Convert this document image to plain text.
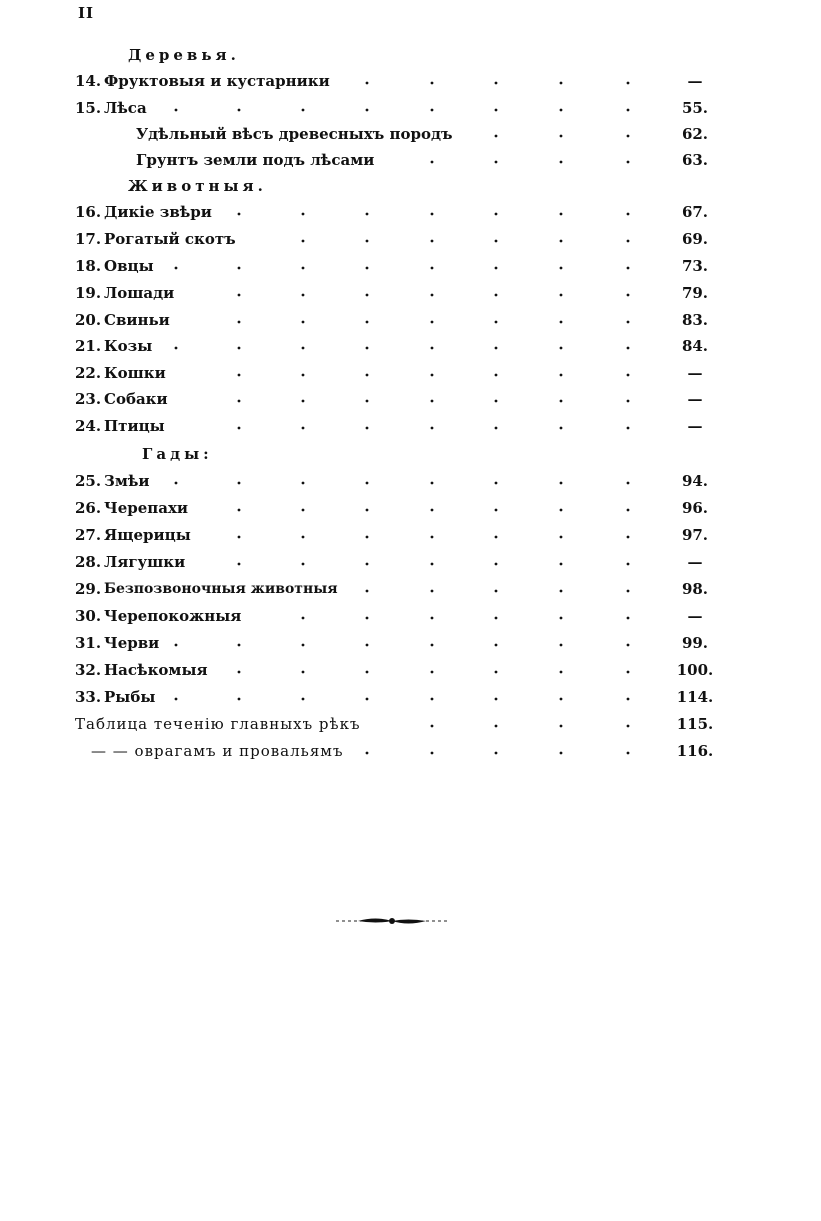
II
Деревья.
14. Фруктовыя и кустарники	—
15. Лѣса	55.
Удѣльный вѣсъ древесныхъ породъ	62.
Грунтъ земли подъ лѣсами	63.
Животныя.
16. Дикіе звѣри	67.
17. Рогатый скотъ	69.
18. Овцы	73.
19. Лошади	79.
20. Свиньи	83.
21. Козы	84.
22. Кошки	—
23. Собаки	—
24. Птицы	—
Гады:
25. Змѣи	94.
26. Черепахи	96.
27. Ящерицы	97.
28. Лягушки	—
29. Безпозвоночныя животныя	98.
30. Черепокожныя	—
31. Черви	99.
32. Насѣкомыя	100.
33. Рыбы	114.
Таблица теченію главныхъ рѣкъ	115.
— — оврагамъ и провальямъ	116.
